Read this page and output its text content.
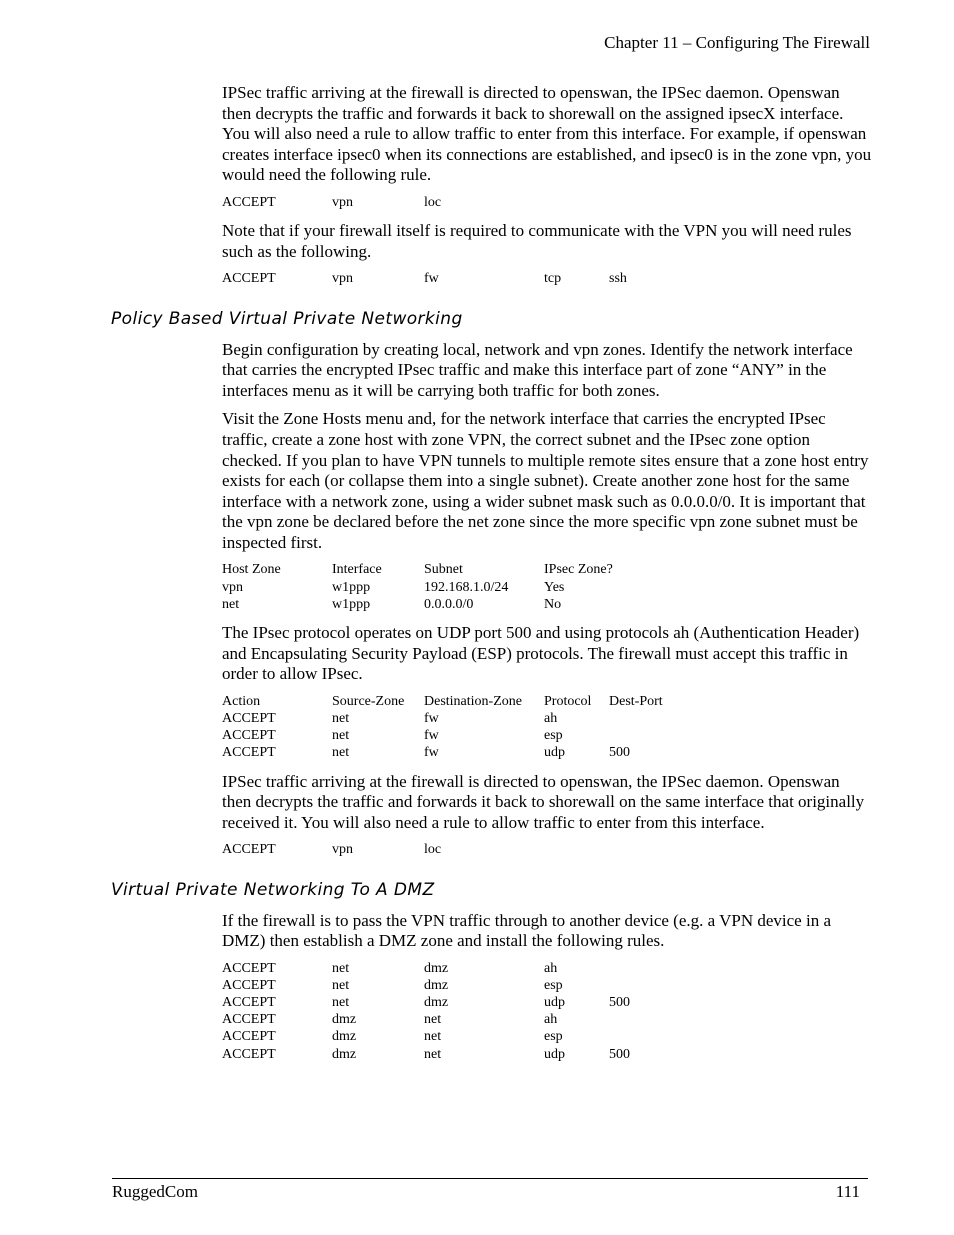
Chapter 11 – Configuring The Firewall

IPSec traffic arriving at the firewall is directed to openswan, the IPSec daemon. Openswan then decrypts the traffic and forwards it back to shorewall on the assigned ipsecX interface. You will also need a rule to allow traffic to enter from this interface. For example, if openswan creates interface ipsec0 when its connections are established, and ipsec0 is in the zone vpn, you would need the following rule.

ACCEPT	vpn	loc

Note that if your firewall itself is required to communicate with the VPN you will need rules such as the following.

ACCEPT	vpn	fw	tcp	ssh
Policy Based Virtual Private Networking

Begin configuration by creating local, network and vpn zones. Identify the network interface that carries the encrypted IPsec traffic and make this interface part of zone “ANY” in the interfaces menu as it will be carrying both traffic for both zones.

Visit the Zone Hosts menu and, for the network interface that carries the encrypted IPsec traffic, create a zone host with zone VPN, the correct subnet and the IPsec zone option checked. If you plan to have VPN tunnels to multiple remote sites ensure that a zone host entry exists for each (or collapse them into a single subnet). Create another zone host for the same interface with a network zone, using a wider subnet mask such as 0.0.0.0/0. It is important that the vpn zone be declared before the net zone since the more specific vpn zone subnet must be inspected first.

Host Zone	Interface	Subnet	IPsec Zone?
vpn	w1ppp	192.168.1.0/24	Yes
net	w1ppp	0.0.0.0/0	No

The IPsec protocol operates on UDP port 500 and using protocols ah (Authentication Header) and Encapsulating Security Payload (ESP) protocols. The firewall must accept this traffic in order to allow IPsec.

Action	Source-Zone	Destination-Zone	Protocol	Dest-Port
ACCEPT	net	fw	ah
ACCEPT	net	fw	esp
ACCEPT	net	fw	udp	500

IPSec traffic arriving at the firewall is directed to openswan, the IPSec daemon. Openswan then decrypts the traffic and forwards it back to shorewall on the same interface that originally received it. You will also need a rule to allow traffic to enter from this interface.

ACCEPT	vpn	loc
Virtual Private Networking To A DMZ

If the firewall is to pass the VPN traffic through to another device (e.g. a VPN device in a DMZ) then establish a DMZ zone and install the following rules.

ACCEPT	net	dmz	ah
ACCEPT	net	dmz	esp
ACCEPT	net	dmz	udp	500
ACCEPT	dmz	net	ah
ACCEPT	dmz	net	esp
ACCEPT	dmz	net	udp	500
RuggedCom	111
